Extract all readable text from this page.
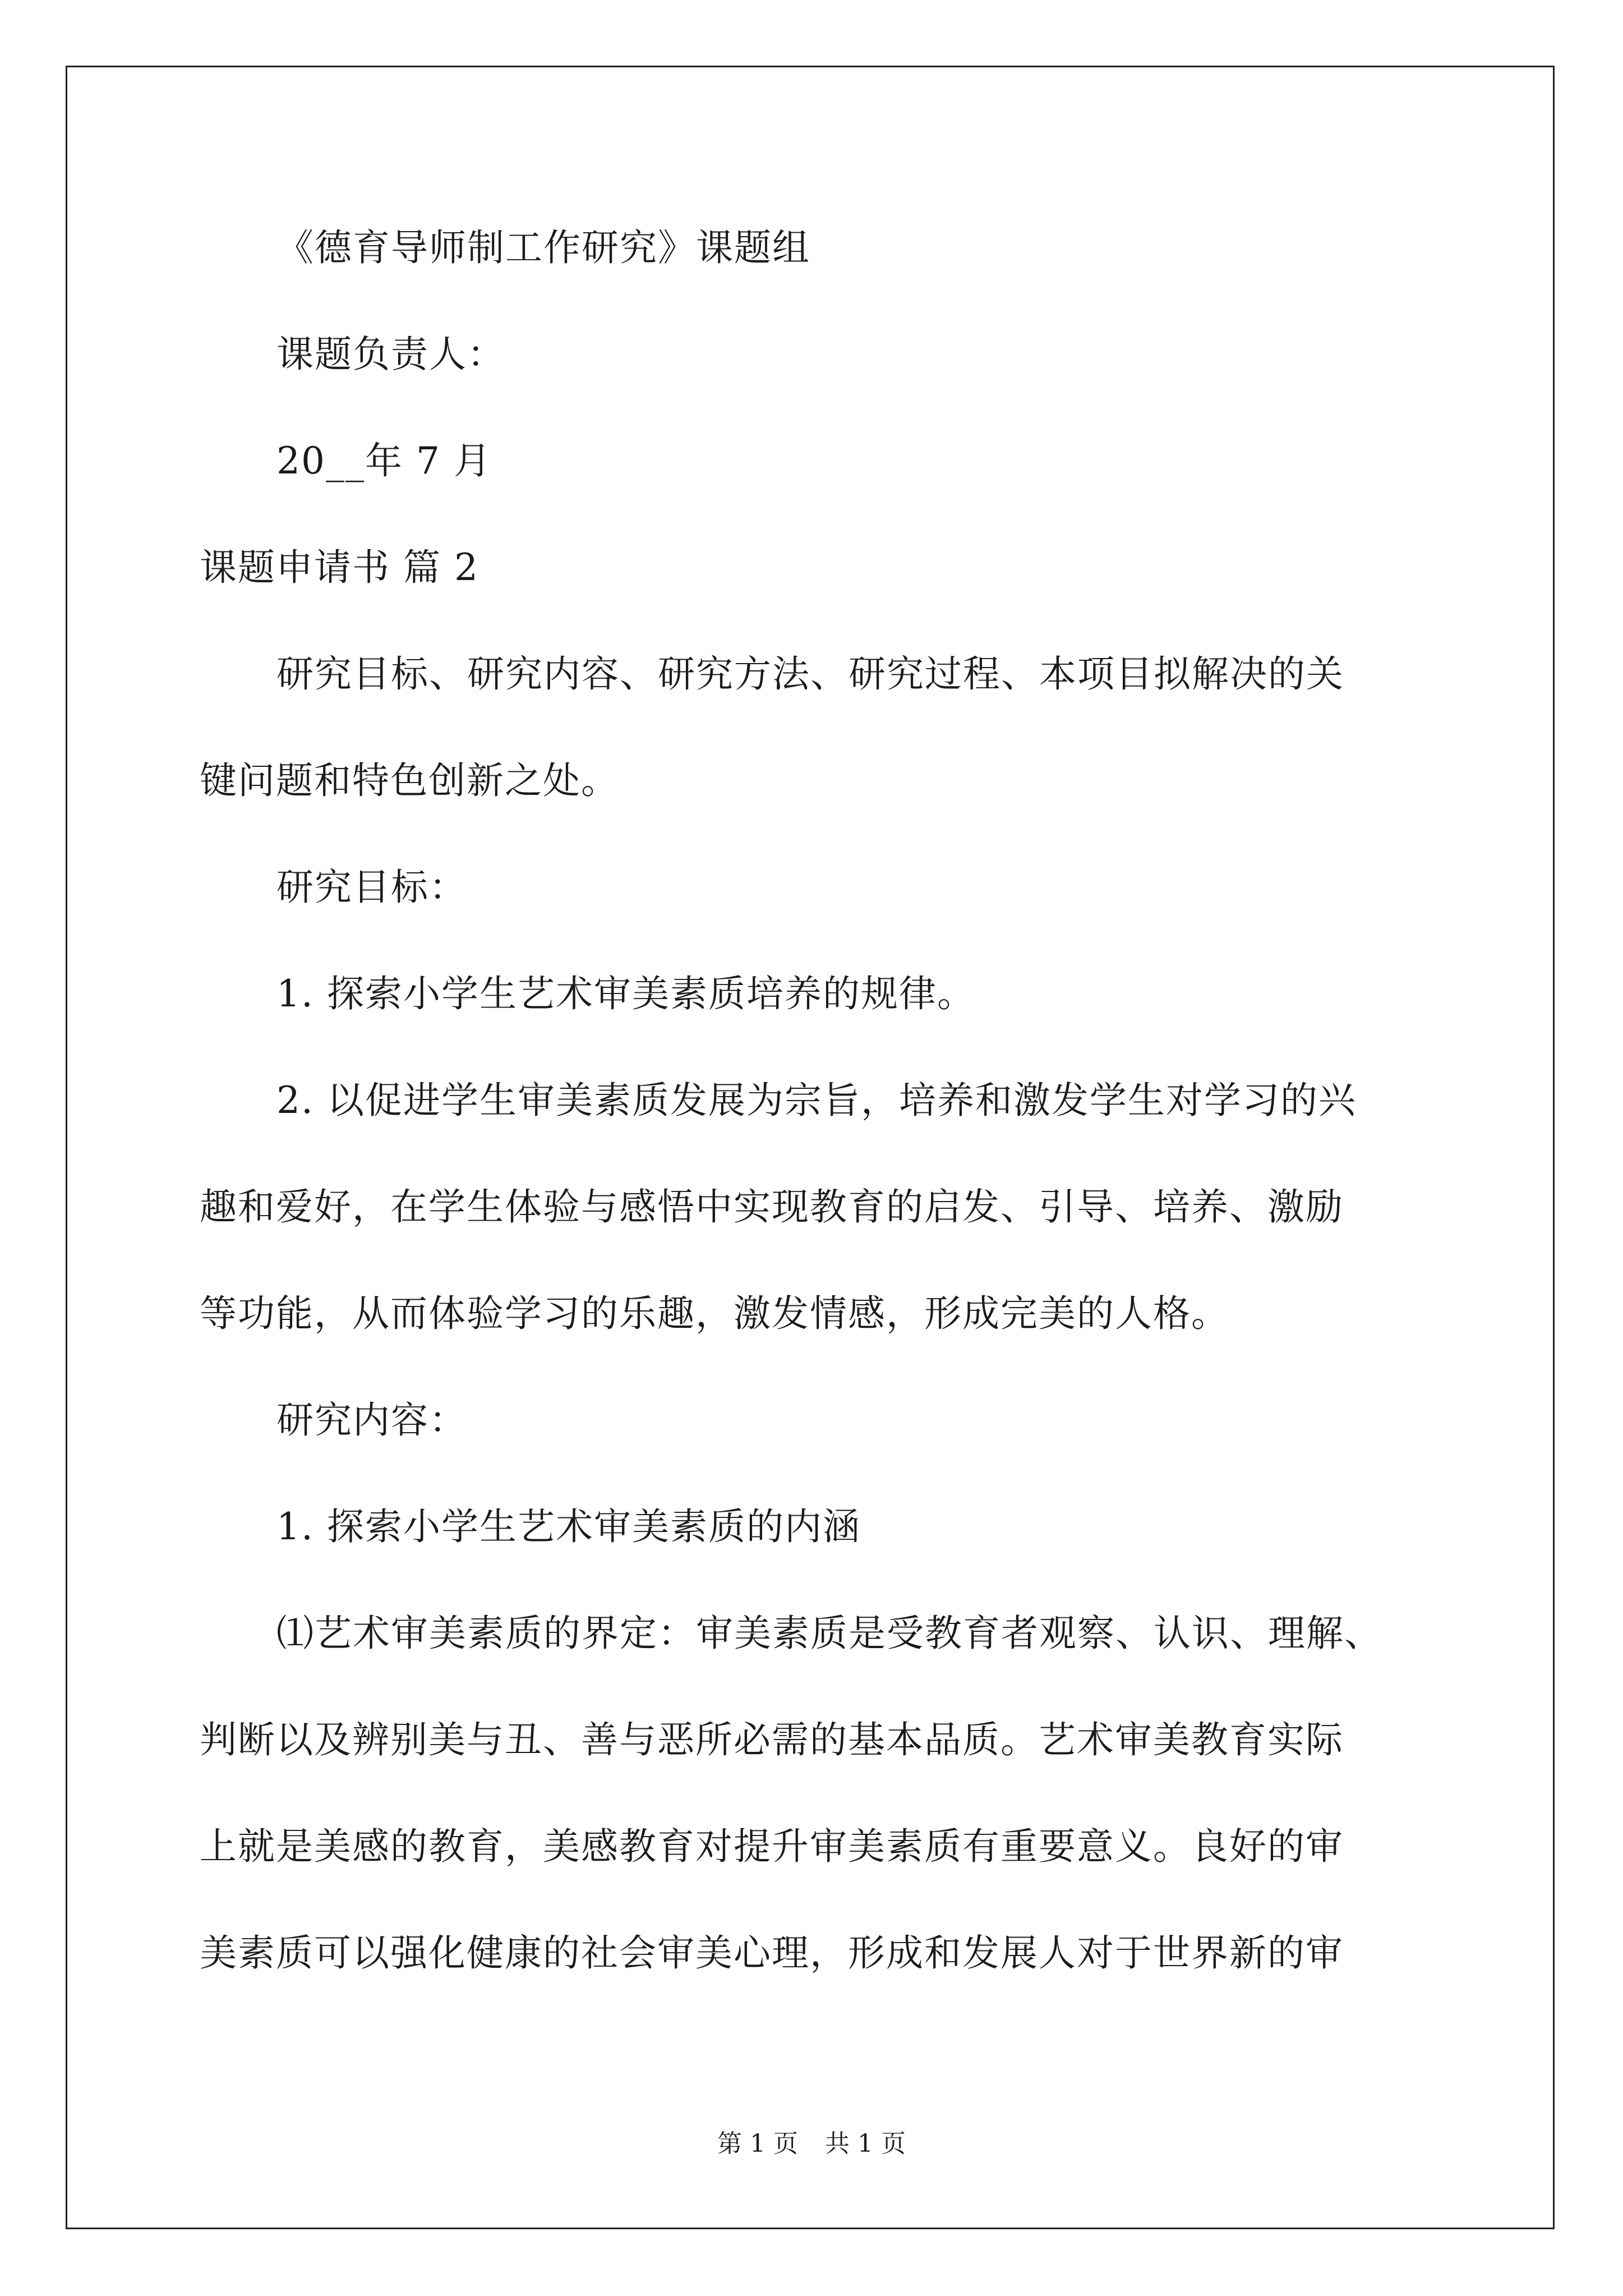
《德育导师制工作研究》课题组
课题负责人：
20__年 7 月
课题申请书 篇 2
研究目标、研究内容、研究方法、研究过程、本项目拟解决的关
键问题和特色创新之处。
研究目标：
1. 探索小学生艺术审美素质培养的规律。
2. 以促进学生审美素质发展为宗旨，培养和激发学生对学习的兴
趣和爱好，在学生体验与感悟中实现教育的启发、引导、培养、激励
等功能，从而体验学习的乐趣，激发情感，形成完美的人格。
研究内容：
1. 探索小学生艺术审美素质的内涵
⑴艺术审美素质的界定：审美素质是受教育者观察、认识、理解、
判断以及辨别美与丑、善与恶所必需的基本品质。艺术审美教育实际
上就是美感的教育，美感教育对提升审美素质有重要意义。良好的审
美素质可以强化健康的社会审美心理，形成和发展人对于世界新的审
第 1 页 共 1 页
